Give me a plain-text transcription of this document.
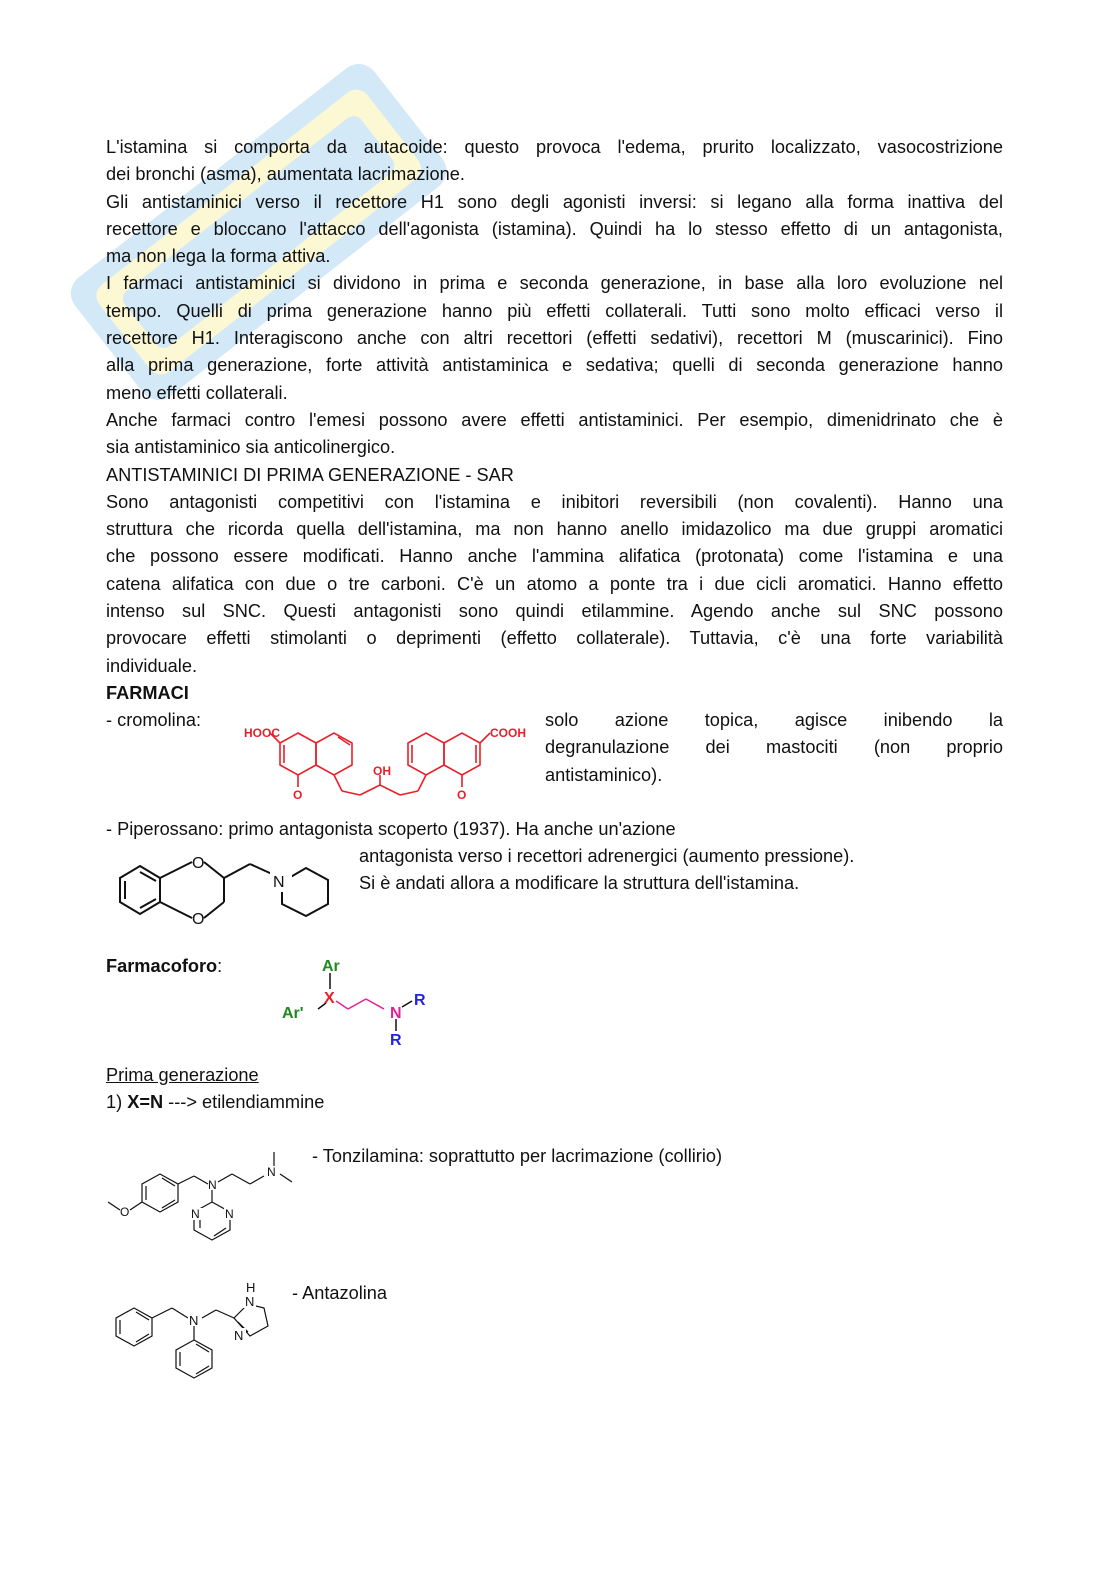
L'istamina si comporta da autacoide: questo provoca l'edema, prurito localizzato, vasocostrizione
dei bronchi (asma), aumentata lacrimazione.
Gli antistaminici verso il recettore H1 sono degli agonisti inversi: si legano alla forma inattiva del
recettore e bloccano l'attacco dell'agonista (istamina). Quindi ha lo stesso effetto di un antagonista,
ma non lega la forma attiva.
I farmaci antistaminici si dividono in prima e seconda generazione, in base alla loro evoluzione nel
tempo. Quelli di prima generazione hanno più effetti collaterali. Tutti sono molto efficaci verso il
recettore H1. Interagiscono anche con altri recettori (effetti sedativi), recettori M (muscarinici). Fino
alla prima generazione, forte attività antistaminica e sedativa; quelli di seconda generazione hanno
meno effetti collaterali.
Anche farmaci contro l'emesi possono avere effetti antistaminici. Per esempio, dimenidrinato che è
sia antistaminico sia anticolinergico.
ANTISTAMINICI DI PRIMA GENERAZIONE - SAR
Sono antagonisti competitivi con l'istamina e inibitori reversibili (non covalenti). Hanno una
struttura che ricorda quella dell'istamina, ma non hanno anello imidazolico ma due gruppi aromatici
che possono essere modificati. Hanno anche l'ammina alifatica (protonata) come l'istamina e una
catena alifatica con due o tre carboni. C'è un atomo a ponte tra i due cicli aromatici. Hanno effetto
intenso sul SNC. Questi antagonisti sono quindi etilammine. Agendo anche sul SNC possono
provocare effetti stimolanti o deprimenti (effetto collaterale). Tuttavia, c'è una forte variabilità
individuale.
FARMACI
- cromolina:
HOOC	COOH
OH
O	O
solo azione topica, agisce inibendo la
degranulazione dei mastociti (non proprio
antistaminico).
- Piperossano: primo antagonista scoperto (1937). Ha anche un'azione
antagonista verso i recettori adrenergici (aumento pressione).
Si è andati allora a modificare la struttura dell'istamina.
O
O
N
Farmacoforo:	Ar
Ar'
X
N
R
R
Prima generazione
1) X=N ---> etilendiammine
O
N
N
N N
- Tonzilamina: soprattutto per lacrimazione (collirio)
N
N
H
N
- Antazolina
